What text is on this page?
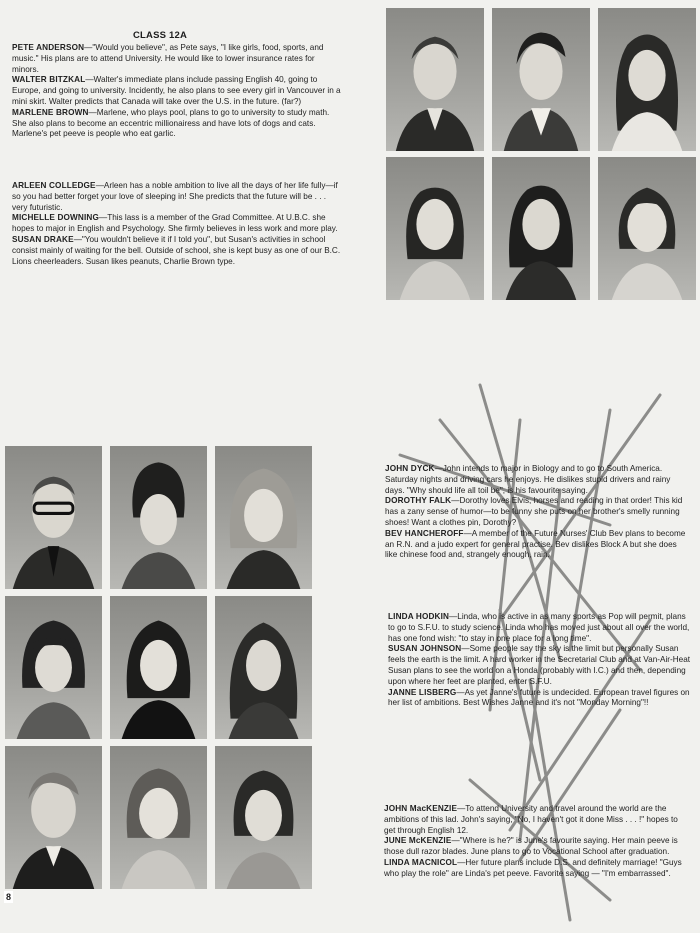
CLASS 12A
PETE ANDERSON—"Would you believe", as Pete says, "I like girls, food, sports, and music." His plans are to attend University. He would like to lower insurance rates for minors.
WALTER BITZKAL—Walter's immediate plans include passing English 40, going to Europe, and going to university. Incidently, he also plans to see every girl in Vancouver in a mini skirt. Walter predicts that Canada will take over the U.S. in the future. (far?)
MARLENE BROWN—Marlene, who plays pool, plans to go to university to study math. She also plans to become an eccentric millionairess and have lots of dogs and cats. Marlene's pet peeve is people who eat garlic.
ARLEEN COLLEDGE—Arleen has a noble ambition to live all the days of her life fully—if so you had better forget your love of sleeping in! She predicts that the future will be . . . very futuristic.
MICHELLE DOWNING—This lass is a member of the Grad Committee. At U.B.C. she hopes to major in English and Psychology. She firmly believes in less work and more play.
SUSAN DRAKE—"You wouldn't believe it if I told you", but Susan's activities in school consist mainly of waiting for the bell. Outside of school, she is kept busy as one of our B.C. Lions cheerleaders. Susan likes peanuts, Charlie Brown type.
JOHN DYCK—John intends to major in Biology and to go to South America. Saturday nights and driving cars he enjoys. He dislikes stupid drivers and rainy days. "Why should life all toil be", is his favourite saying.
DOROTHY FALK—Dorothy loves Elvis, horses and reading in that order! This kid has a zany sense of humor—to be funny she puts on her brother's smelly running shoes! Want a clothes pin, Dorothy?
BEV HANCHEROFF—A member of the Future Nurses' Club Bev plans to become an R.N. and a judo expert for general practise. Bev dislikes Block A but she does like chinese food and, strangely enough, rain.
LINDA HODKIN—Linda, who is active in as many sports as Pop will permit, plans to go to S.F.U. to study science. Linda who has moved just about all over the world, has one fond wish: "to stay in one place for a long time".
SUSAN JOHNSON—Some people say the sky is the limit but personally Susan feels the earth is the limit. A hard worker in the Secretarial Club and at Van-Air-Heat Susan plans to see the world on a Honda (probably with I.C.) and then, depending upon where her feet are planted, enter S.F.U.
JANNE LISBERG—As yet Janne's future is undecided. European travel figures on her list of ambitions. Best Wishes Janne and it's not "Monday Morning"!!
JOHN MacKENZIE—To attend University and travel around the world are the ambitions of this lad. John's saying, "No, I haven't got it done Miss . . . !" hopes to get through English 12.
JUNE McKENZIE—"Where is he?" is June's favourite saying. Her main peeve is those dull razor blades. June plans to go to Vocational School after graduation.
LINDA MACNICOL—Her future plans include D.S. and definitely marriage! "Guys who play the role" are Linda's pet peeve. Favorite saying — "I'm embarrassed".
8
